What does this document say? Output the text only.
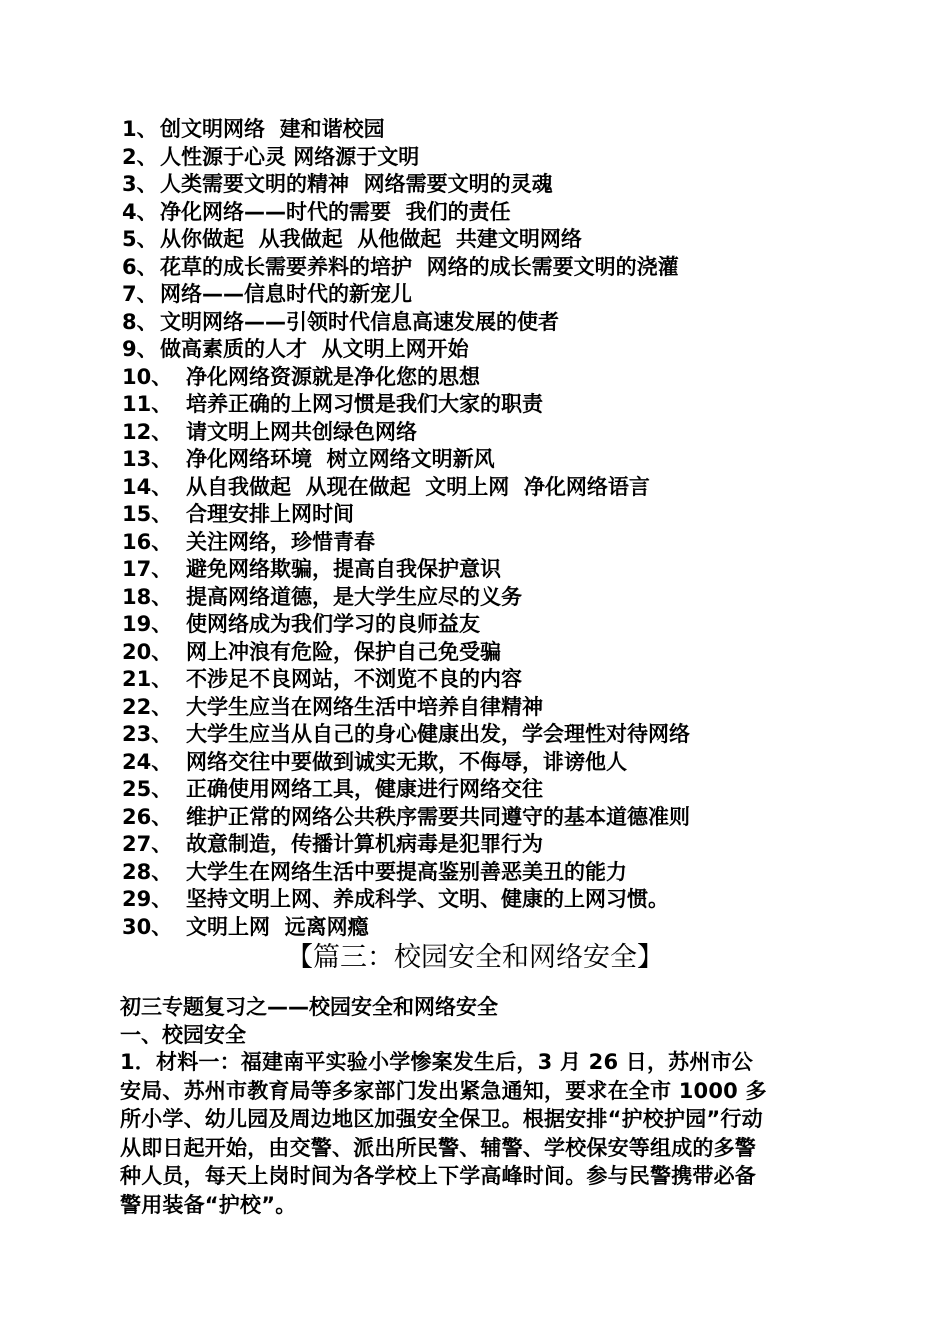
1、 创文明网络  建和谐校园
2、 人性源于心灵 网络源于文明
3、 人类需要文明的精神  网络需要文明的灵魂
4、 净化网络——时代的需要  我们的责任
5、 从你做起  从我做起  从他做起  共建文明网络
6、 花草的成长需要养料的培护  网络的成长需要文明的浇灌
7、 网络——信息时代的新宠儿
8、 文明网络——引领时代信息高速发展的使者
9、 做高素质的人才  从文明上网开始
10、 净化网络资源就是净化您的思想
11、 培养正确的上网习惯是我们大家的职责
12、 请文明上网共创绿色网络
13、 净化网络环境  树立网络文明新风
14、 从自我做起  从现在做起  文明上网  净化网络语言
15、 合理安排上网时间
16、 关注网络，珍惜青春
17、 避免网络欺骗，提高自我保护意识
18、 提高网络道德，是大学生应尽的义务
19、 使网络成为我们学习的良师益友
20、 网上冲浪有危险，保护自己免受骗
21、 不涉足不良网站，不浏览不良的内容
22、 大学生应当在网络生活中培养自律精神
23、 大学生应当从自己的身心健康出发，学会理性对待网络
24、 网络交往中要做到诚实无欺，不侮辱，诽谤他人
25、 正确使用网络工具，健康进行网络交往
26、 维护正常的网络公共秩序需要共同遵守的基本道德准则
27、 故意制造，传播计算机病毒是犯罪行为
28、 大学生在网络生活中要提高鉴别善恶美丑的能力
29、 坚持文明上网、养成科学、文明、健康的上网习惯。
30、 文明上网  远离网瘾
【篇三：校园安全和网络安全】
初三专题复习之——校园安全和网络安全
一、校园安全
1．材料一：福建南平实验小学惨案发生后，3 月 26 日，苏州市公
安局、苏州市教育局等多家部门发出紧急通知，要求在全市 1000 多
所小学、幼儿园及周边地区加强安全保卫。根据安排“护校护园”行动
从即日起开始，由交警、派出所民警、辅警、学校保安等组成的多警
种人员，每天上岗时间为各学校上下学高峰时间。参与民警携带必备
警用装备“护校”。
